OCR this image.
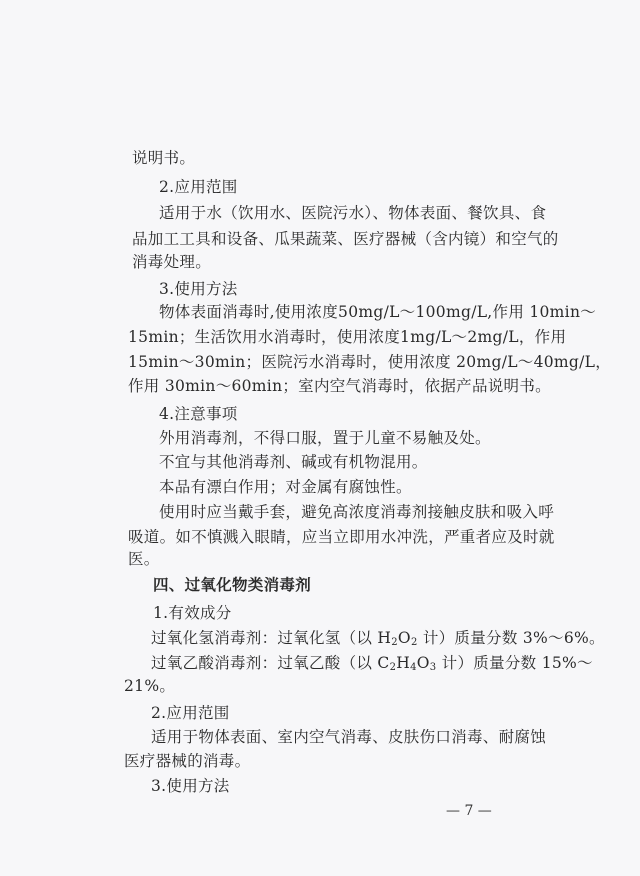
说明书。
2.应用范围
适用于水（饮用水、医院污水）、物体表面、餐饮具、食
品加工工具和设备、瓜果蔬菜、医疗器械（含内镜）和空气的
消毒处理。
3.使用方法
物体表面消毒时,使用浓度50mg/L～100mg/L,作用 10min～
15min；生活饮用水消毒时，使用浓度1mg/L～2mg/L，作用
15min～30min；医院污水消毒时，使用浓度 20mg/L～40mg/L，
作用 30min～60min；室内空气消毒时，依据产品说明书。
4.注意事项
外用消毒剂，不得口服，置于儿童不易触及处。
不宜与其他消毒剂、碱或有机物混用。
本品有漂白作用；对金属有腐蚀性。
使用时应当戴手套，避免高浓度消毒剂接触皮肤和吸入呼
吸道。如不慎溅入眼睛，应当立即用水冲洗，严重者应及时就
医。
四、过氧化物类消毒剂
1.有效成分
过氧化氢消毒剂：过氧化氢（以 $H_2O_2$ 计）质量分数 3%～6%。
过氧乙酸消毒剂：过氧乙酸（以 $C_2H_4O_3$ 计）质量分数 15%～
21%。
2.应用范围
适用于物体表面、室内空气消毒、皮肤伤口消毒、耐腐蚀
医疗器械的消毒。
3.使用方法
— 7 —
